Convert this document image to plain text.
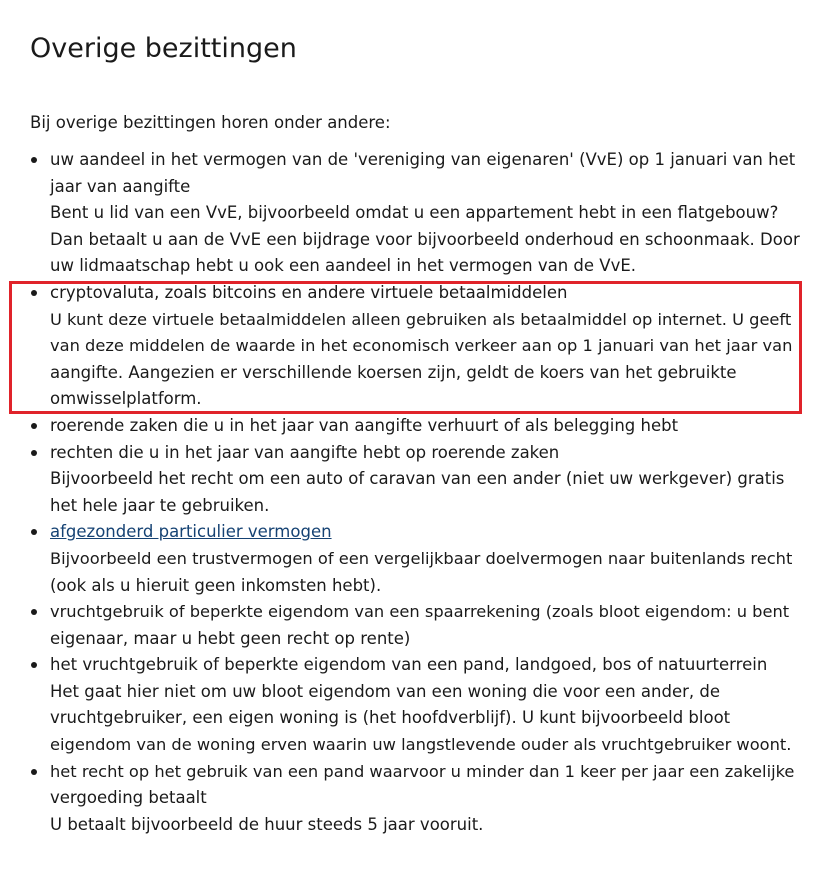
Overige bezittingen

Bij overige bezittingen horen onder andere:

uw aandeel in het vermogen van de 'vereniging van eigenaren' (VvE) op 1 januari van het
jaar van aangifte
Bent u lid van een VvE, bijvoorbeeld omdat u een appartement hebt in een flatgebouw?
Dan betaalt u aan de VvE een bijdrage voor bijvoorbeeld onderhoud en schoonmaak. Door
uw lidmaatschap hebt u ook een aandeel in het vermogen van de VvE.
cryptovaluta, zoals bitcoins en andere virtuele betaalmiddelen
U kunt deze virtuele betaalmiddelen alleen gebruiken als betaalmiddel op internet. U geeft
van deze middelen de waarde in het economisch verkeer aan op 1 januari van het jaar van
aangifte. Aangezien er verschillende koersen zijn, geldt de koers van het gebruikte
omwisselplatform.
roerende zaken die u in het jaar van aangifte verhuurt of als belegging hebt
rechten die u in het jaar van aangifte hebt op roerende zaken
Bijvoorbeeld het recht om een auto of caravan van een ander (niet uw werkgever) gratis
het hele jaar te gebruiken.
afgezonderd particulier vermogen
Bijvoorbeeld een trustvermogen of een vergelijkbaar doelvermogen naar buitenlands recht
(ook als u hieruit geen inkomsten hebt).
vruchtgebruik of beperkte eigendom van een spaarrekening (zoals bloot eigendom: u bent
eigenaar, maar u hebt geen recht op rente)
het vruchtgebruik of beperkte eigendom van een pand, landgoed, bos of natuurterrein
Het gaat hier niet om uw bloot eigendom van een woning die voor een ander, de
vruchtgebruiker, een eigen woning is (het hoofdverblijf). U kunt bijvoorbeeld bloot
eigendom van de woning erven waarin uw langstlevende ouder als vruchtgebruiker woont.
het recht op het gebruik van een pand waarvoor u minder dan 1 keer per jaar een zakelijke
vergoeding betaalt
U betaalt bijvoorbeeld de huur steeds 5 jaar vooruit.
